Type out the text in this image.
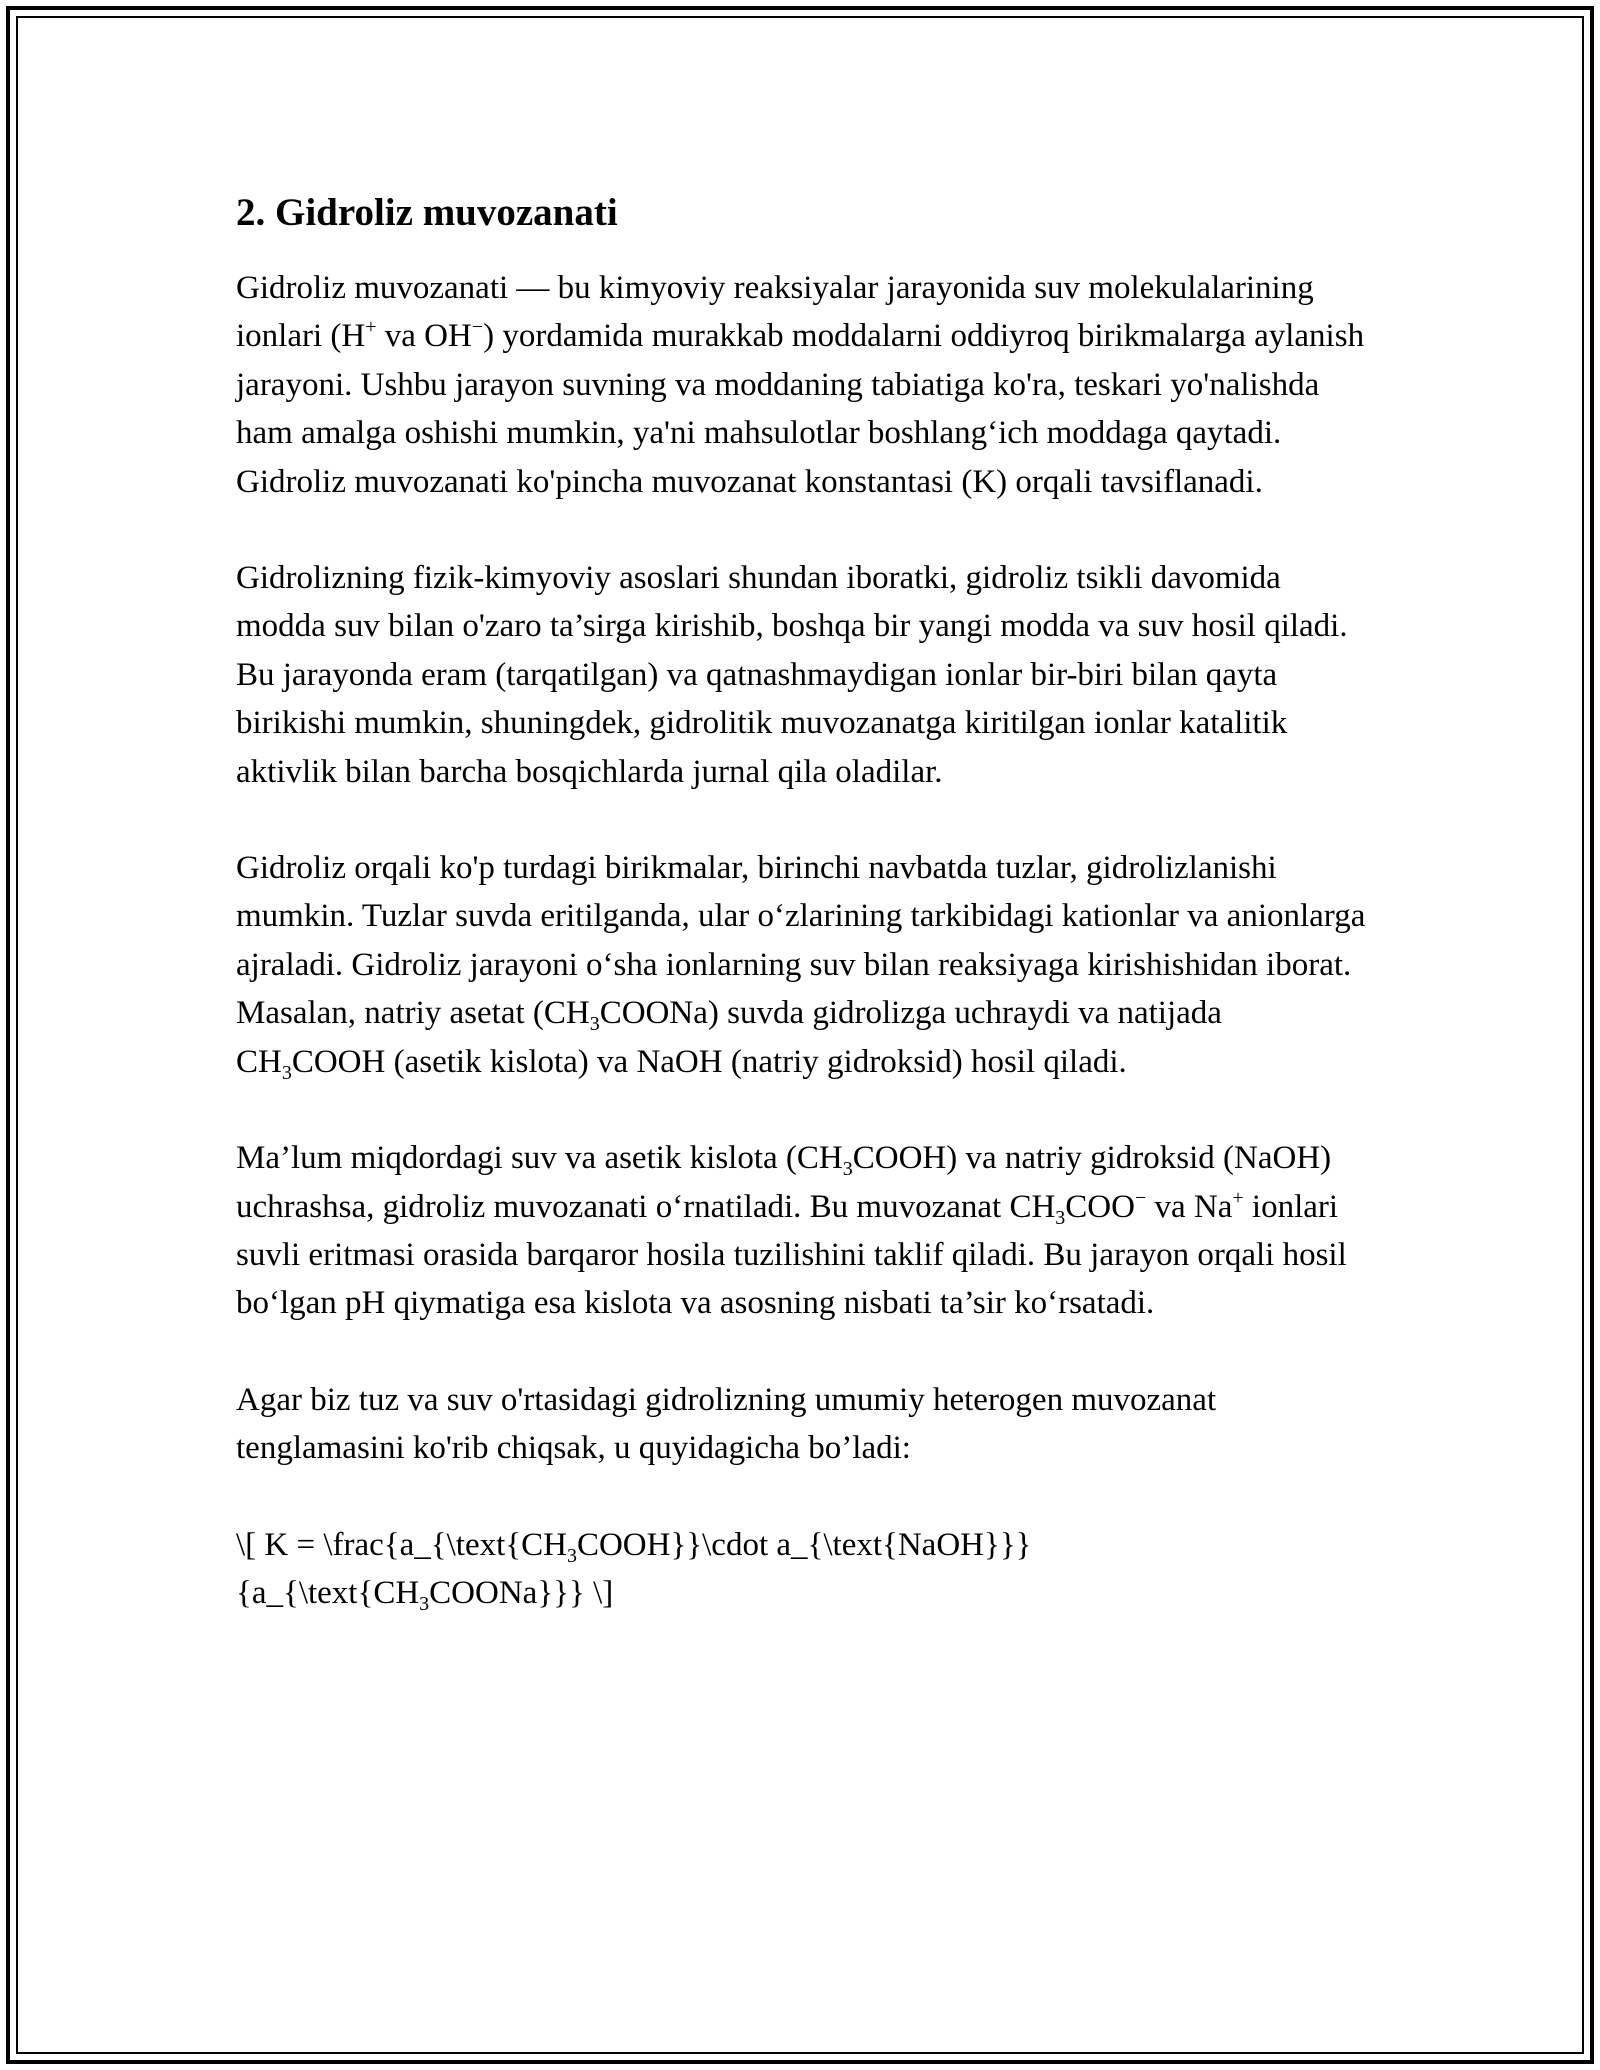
2. Gidroliz muvozanati

Gidroliz muvozanati — bu kimyoviy reaksiyalar jarayonida suv molekulalarining ionlari (H+ va OH−) yordamida murakkab moddalarni oddiyroq birikmalarga aylanish jarayoni. Ushbu jarayon suvning va moddaning tabiatiga ko'ra, teskari yo'nalishda ham amalga oshishi mumkin, ya'ni mahsulotlar boshlang‘ich moddaga qaytadi. Gidroliz muvozanati ko'pincha muvozanat konstantasi (K) orqali tavsiflanadi.

Gidrolizning fizik-kimyoviy asoslari shundan iboratki, gidroliz tsikli davomida modda suv bilan o'zaro ta’sirga kirishib, boshqa bir yangi modda va suv hosil qiladi. Bu jarayonda eram (tarqatilgan) va qatnashmaydigan ionlar bir-biri bilan qayta birikishi mumkin, shuningdek, gidrolitik muvozanatga kiritilgan ionlar katalitik aktivlik bilan barcha bosqichlarda jurnal qila oladilar.

Gidroliz orqali ko'p turdagi birikmalar, birinchi navbatda tuzlar, gidrolizlanishi mumkin. Tuzlar suvda eritilganda, ular o‘zlarining tarkibidagi kationlar va anionlarga ajraladi. Gidroliz jarayoni o‘sha ionlarning suv bilan reaksiyaga kirishishidan iborat. Masalan, natriy asetat $(CH_3COONa)$ suvda gidrolizga uchraydi va natijada $CH_3COOH$ (asetik kislota) va NaOH (natriy gidroksid) hosil qiladi.

Ma’lum miqdordagi suv va asetik kislota $(CH_3COOH)$ va natriy gidroksid (NaOH) uchrashsa, gidroliz muvozanati o‘rnatiladi. Bu muvozanat $CH_3COO^-$ va Na+ ionlari suvli eritmasi orasida barqaror hosila tuzilishini taklif qiladi. Bu jarayon orqali hosil bo‘lgan pH qiymatiga esa kislota va asosning nisbati ta’sir ko‘rsatadi.

Agar biz tuz va suv o'rtasidagi gidrolizning umumiy heterogen muvozanat tenglamasini ko'rib chiqsak, u quyidagicha bo’ladi:

\[ $K = \backslash frac\{a\_\{\backslash text\{CH_3COOH\}\}\backslash cdot$ $a\_\{\backslash text\{NaOH\}\}\}\{a\_\{\backslash text\{CH_3COONa\}\}\}$ \]
